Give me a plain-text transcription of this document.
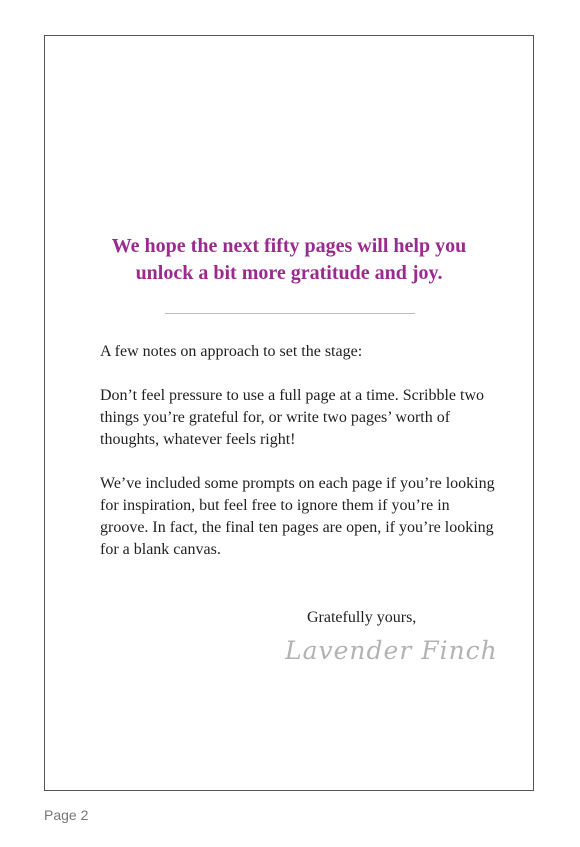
We hope the next fifty pages will help you
unlock a bit more gratitude and joy.

A few notes on approach to set the stage:

Don’t feel pressure to use a full page at a time. Scribble two things you’re grateful for, or write two pages’ worth of thoughts, whatever feels right!

We’ve included some prompts on each page if you’re looking for inspiration, but feel free to ignore them if you’re in groove. In fact, the final ten pages are open, if you’re looking for a blank canvas.

Gratefully yours,
Lavender Finch
Page 2
